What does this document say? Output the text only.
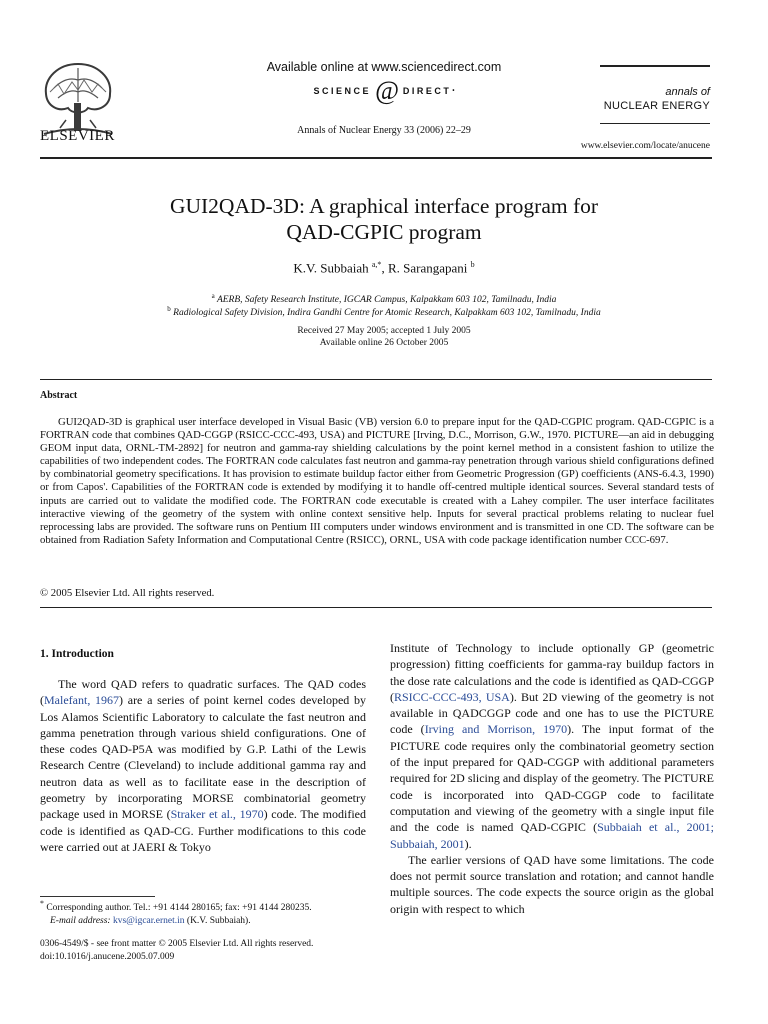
ELSEVIER
Available online at www.sciencedirect.com
SCIENCE @ DIRECT •
Annals of Nuclear Energy 33 (2006) 22–29
annals of
NUCLEAR ENERGY
www.elsevier.com/locate/anucene
GUI2QAD-3D: A graphical interface program for
QAD-CGPIC program
K.V. Subbaiah $^{a,*}$, R. Sarangapani $^b$
$^a$ AERB, Safety Research Institute, IGCAR Campus, Kalpakkam 603 102, Tamilnadu, India
$^b$ Radiological Safety Division, Indira Gandhi Centre for Atomic Research, Kalpakkam 603 102, Tamilnadu, India
Received 27 May 2005; accepted 1 July 2005
Available online 26 October 2005
Abstract
GUI2QAD-3D is graphical user interface developed in Visual Basic (VB) version 6.0 to prepare input for the QAD-CGPIC program. QAD-CGPIC is a FORTRAN code that combines QAD-CGGP (RSICC-CCC-493, USA) and PICTURE [Irving, D.C., Morrison, G.W., 1970. PICTURE—an aid in debugging GEOM input data, ORNL-TM-2892] for neutron and gamma-ray shielding calculations by the point kernel method in a consistent fashion to utilize the capabilities of two independent codes. The FORTRAN code calculates fast neutron and gamma-ray penetration through various shield configurations defined by combinatorial geometry specifications. It has provision to estimate buildup factor either from Geometric Progression (GP) coefficients (ANS-6.4.3, 1990) or from Capos'. Capabilities of the FORTRAN code is extended by modifying it to handle off-centred multiple identical sources. Several standard tests of inputs are carried out to validate the modified code. The FORTRAN code executable is created with a Lahey compiler. The user interface facilitates interactive viewing of the geometry of the system with online context sensitive help. Inputs for several practical problems relating to nuclear fuel reprocessing labs are provided. The software runs on Pentium III computers under windows environment and is transmitted in one CD. The software can be obtained from Radiation Safety Information and Computational Centre (RSICC), ORNL, USA with code package identification number CCC-697.
© 2005 Elsevier Ltd. All rights reserved.
1. Introduction
The word QAD refers to quadratic surfaces. The QAD codes (Malefant, 1967) are a series of point kernel codes developed by Los Alamos Scientific Laboratory to calculate the fast neutron and gamma penetration through various shield configurations. One of these codes QAD-P5A was modified by G.P. Lathi of the Lewis Research Centre (Cleveland) to include additional gamma ray and neutron data as well as to facilitate ease in the description of geometry by incorporating MORSE combinatorial geometry package used in MORSE (Straker et al., 1970) code. The modified code is identified as QAD-CG. Further modifications to this code were carried out at JAERI & Tokyo
Institute of Technology to include optionally GP (geometric progression) fitting coefficients for gamma-ray buildup factors in the dose rate calculations and the code is identified as QAD-CGGP (RSICC-CCC-493, USA). But 2D viewing of the geometry is not available in QADCGGP code and one has to use the PICTURE code (Irving and Morrison, 1970). The input format of the PICTURE code requires only the combinatorial geometry section of the input prepared for QAD-CGGP with additional parameters required for 2D slicing and display of the geometry. The PICTURE code is incorporated into QAD-CGGP code to facilitate computation and viewing of the geometry with a single input file and the code is named QAD-CGPIC (Subbaiah et al., 2001; Subbaiah, 2001).
The earlier versions of QAD have some limitations. The code does not permit source translation and rotation; and cannot handle multiple sources. The code expects the source origin as the global origin with respect to which
* Corresponding author. Tel.: +91 4144 280165; fax: +91 4144 280235.
E-mail address: kvs@igcar.ernet.in (K.V. Subbaiah).
0306-4549/$ - see front matter © 2005 Elsevier Ltd. All rights reserved.
doi:10.1016/j.anucene.2005.07.009
